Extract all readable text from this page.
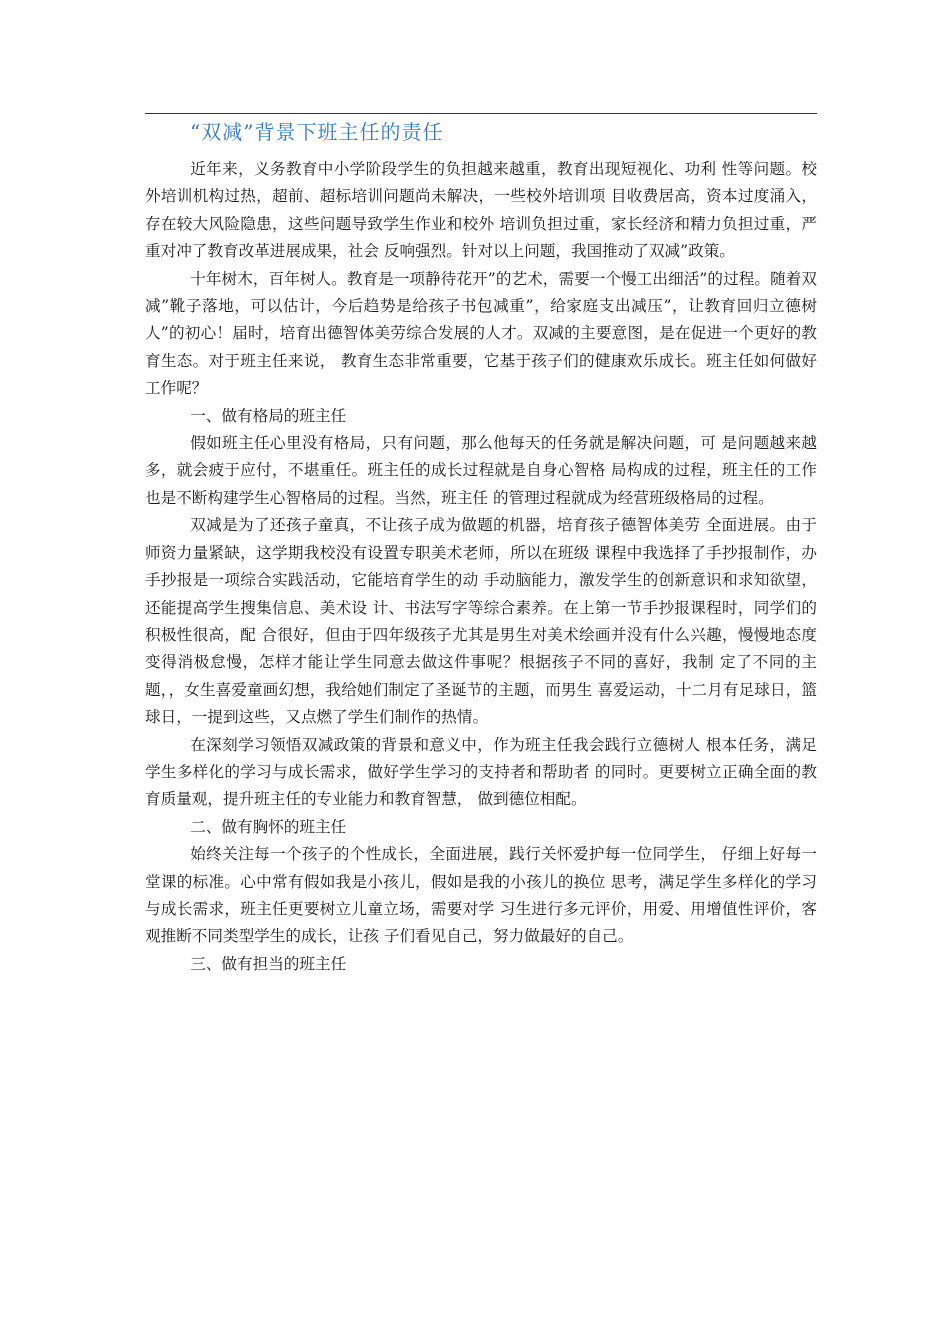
“双减”背景下班主任的责任

近年来，义务教育中小学阶段学生的负担越来越重，教育出现短视化、功利 性等问题。校外培训机构过热，超前、超标培训问题尚未解决，一些校外培训项 目收费居高，资本过度涌入，存在较大风险隐患，这些问题导致学生作业和校外 培训负担过重，家长经济和精力负担过重，严重对冲了教育改革进展成果，社会 反响强烈。针对以上问题，我国推动了双减”政策。

十年树木，百年树人。教育是一项静待花开”的艺术，需要一个慢工出细活”的过程。随着双减”靴子落地，可以估计，今后趋势是给孩子书包减重”，给家庭支出减压”，让教育回归立德树人”的初心！届时，培育出德智体美劳综合发展的人才。双减的主要意图，是在促进一个更好的教育生态。对于班主任来说， 教育生态非常重要，它基于孩子们的健康欢乐成长。班主任如何做好工作呢？

一、做有格局的班主任

假如班主任心里没有格局，只有问题，那么他每天的任务就是解决问题，可 是问题越来越多，就会疲于应付，不堪重任。班主任的成长过程就是自身心智格 局构成的过程，班主任的工作也是不断构建学生心智格局的过程。当然，班主任 的管理过程就成为经营班级格局的过程。

双减是为了还孩子童真，不让孩子成为做题的机器，培育孩子德智体美劳 全面进展。由于师资力量紧缺，这学期我校没有设置专职美术老师，所以在班级 课程中我选择了手抄报制作，办手抄报是一项综合实践活动，它能培育学生的动 手动脑能力，激发学生的创新意识和求知欲望，还能提高学生搜集信息、美术设 计、书法写字等综合素养。在上第一节手抄报课程时，同学们的积极性很高，配 合很好，但由于四年级孩子尤其是男生对美术绘画并没有什么兴趣，慢慢地态度 变得消极怠慢，怎样才能让学生同意去做这件事呢？根据孩子不同的喜好，我制 定了不同的主题，，女生喜爱童画幻想，我给她们制定了圣诞节的主题，而男生 喜爱运动，十二月有足球日，篮球日，一提到这些，又点燃了学生们制作的热情。

在深刻学习领悟双减政策的背景和意义中，作为班主任我会践行立德树人 根本任务，满足学生多样化的学习与成长需求，做好学生学习的支持者和帮助者 的同时。更要树立正确全面的教育质量观，提升班主任的专业能力和教育智慧， 做到德位相配。

二、做有胸怀的班主任

始终关注每一个孩子的个性成长，全面进展，践行关怀爱护每一位同学生， 仔细上好每一堂课的标准。心中常有假如我是小孩儿，假如是我的小孩儿的换位 思考，满足学生多样化的学习与成长需求，班主任更要树立儿童立场，需要对学 习生进行多元评价，用爱、用增值性评价，客观推断不同类型学生的成长，让孩 子们看见自己，努力做最好的自己。

三、做有担当的班主任
